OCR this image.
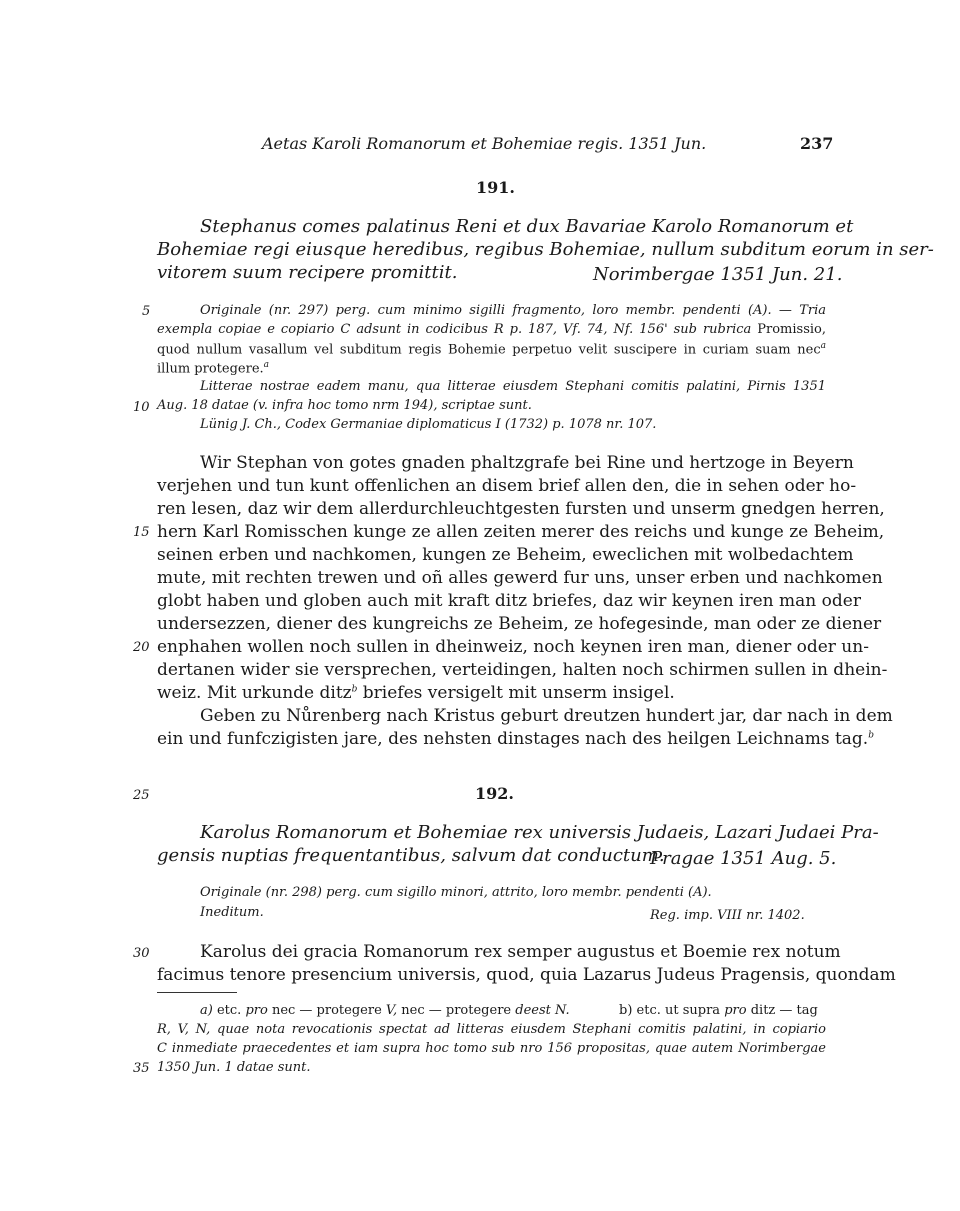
Aetas Karoli Romanorum et Bohemiae regis. 1351 Jun.	237
191.
Stephanus comes palatinus Reni et dux Bavariae Karolo Romanorum et
Bohemiae regi eiusque heredibus, regibus Bohemiae, nullum subditum eorum in ser-
vitorem suum recipere promittit.	Norimbergae 1351 Jun. 21.
5	Originale (nr. 297) perg. cum minimo sigilli fragmento, loro membr. pendenti (A). — Tria
exempla copiae e copiario C adsunt in codicibus R p. 187, Vf. 74, Nf. 156' sub rubrica Promissio,
quod nullum vasallum vel subditum regis Bohemie perpetuo velit suscipere in curiam suam nec$^a$
illum protegere.$^a$
Litterae nostrae eadem manu, qua litterae eiusdem Stephani comitis palatini, Pirnis 1351
10 Aug. 18 datae (v. infra hoc tomo nrm 194), scriptae sunt.
Lünig J. Ch., Codex Germaniae diplomaticus I (1732) p. 1078 nr. 107.
Wir Stephan von gotes gnaden phaltzgrafe bei Rine und hertzoge in Beyern
verjehen und tun kunt offenlichen an disem brief allen den, die in sehen oder ho-
ren lesen, daz wir dem allerdurchleuchtgesten fursten und unserm gnedgen herren,
15 hern Karl Romisschen kunge ze allen zeiten merer des reichs und kunge ze Beheim,
seinen erben und nachkomen, kungen ze Beheim, eweclichen mit wolbedachtem
mute, mit rechten trewen und oñ alles gewerd fur uns, unser erben und nachkomen
globt haben und globen auch mit kraft ditz briefes, daz wir keynen iren man oder
undersezzen, diener des kungreichs ze Beheim, ze hofegesinde, man oder ze diener
20 enphahen wollen noch sullen in dheinweiz, noch keynen iren man, diener oder un-
dertanen wider sie versprechen, verteidingen, halten noch schirmen sullen in dhein-
weiz. Mit urkunde ditz$^b$ briefes versigelt mit unserm insigel.
Geben zu Nůrenberg nach Kristus geburt dreutzen hundert jar, dar nach in dem
ein und funfczigisten jare, des nehsten dinstages nach des heilgen Leichnams tag.$^b$
25	192.
Karolus Romanorum et Bohemiae rex universis Judaeis, Lazari Judaei Pra-
gensis nuptias frequentantibus, salvum dat conductum.
Pragae 1351 Aug. 5.
Originale (nr. 298) perg. cum sigillo minori, attrito, loro membr. pendenti (A).
Ineditum.	Reg. imp. VIII nr. 1402.
30	Karolus dei gracia Romanorum rex semper augustus et Boemie rex notum
facimus tenore presencium universis, quod, quia Lazarus Judeus Pragensis, quondam
a) etc. pro nec — protegere V, nec — protegere deest N.	b) etc. ut supra pro ditz — tag
R, V, N, quae nota revocationis spectat ad litteras eiusdem Stephani comitis palatini, in copiario
C inmediate praecedentes et iam supra hoc tomo sub nro 156 propositas, quae autem Norimbergae
35 1350 Jun. 1 datae sunt.
